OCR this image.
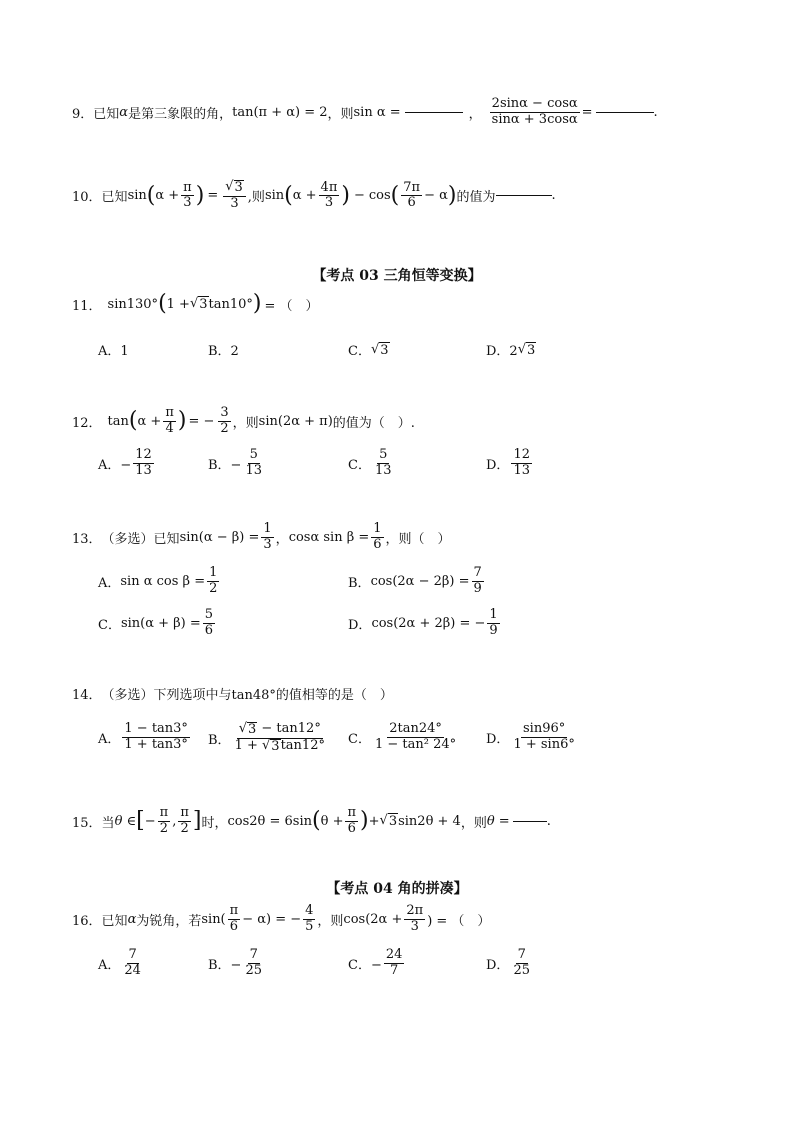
9． 已知 α 是第三象限的角， tan(π + α) = 2 ，则 sin α =	， $\frac{2\sin\alpha - \cos\alpha}{\sin\alpha + 3\cos\alpha}$ =	.
10． 已知 sin ( $\alpha + \frac{\pi}{3}$ ) = $\frac{√ 3}{3}$ ,则 sin ( $\alpha + \frac{4\pi}{3}$ ) − cos ( 7π
6 − α ) 的值为	.
【考点 03 三角恒等变换】
11． sin130° ( 1 + √ 3 tan10° ) = （　）
A．1	B．2	C． √ 3	D．2 √ 3
12． tan ( $\alpha + \frac{\pi}{4}$ ) = − $\frac{3}{2}$ ，则 sin(2α + π) 的值为（　）.
A．− $\frac{12}{13}$	B．− $\frac{5}{13}$	C． $\frac{5}{13}$	D． $\frac{12}{13}$
13． （多选）已知 $\sin(\alpha - \beta) = \frac{1}{3}$ ， cosα $\sin \beta = \frac{1}{6}$ ，则（　）
A． sin α $\cos \beta = \frac{1}{2}$	B． $\cos(2\alpha - 2\beta) = \frac{7}{9}$
C． $\sin(\alpha + \beta) = \frac{5}{6}$	D． cos(2α + 2β) = − $\frac{1}{9}$
14． （多选）下列选项中与tan48°的值相等的是（　）
A． $\frac{1 - \tan 3^\circ}{1 + \tan 3^\circ}$ B．
√ 3 − tan12°
1 + √ 3 tan12° C． $\frac{2\tan 24^\circ}{\text{1 − tan² 24°}}$ D． $\frac{\sin 96^\circ}{1 + \sin 6^\circ}$
15． 当 θ ∈ [ − $\frac{\pi}{2}$ ,
π
2 ] 时， cos2θ = 6sin ( $\theta + \frac{\pi}{6}$ ) + √ 3 sin2θ + 4 ，则 θ =	.
【考点 04 角的拼凑】
16． 已知 α 为锐角，若 sin(
π
6 − α) = − $\frac{4}{5}$ ，则 $\cos(2\alpha + \frac{2\pi}{3}$ ) = （　）
A． $\frac{7}{24}$	B．− $\frac{7}{25}$	C．− $\frac{24}{7}$	D． $\frac{7}{25}$
